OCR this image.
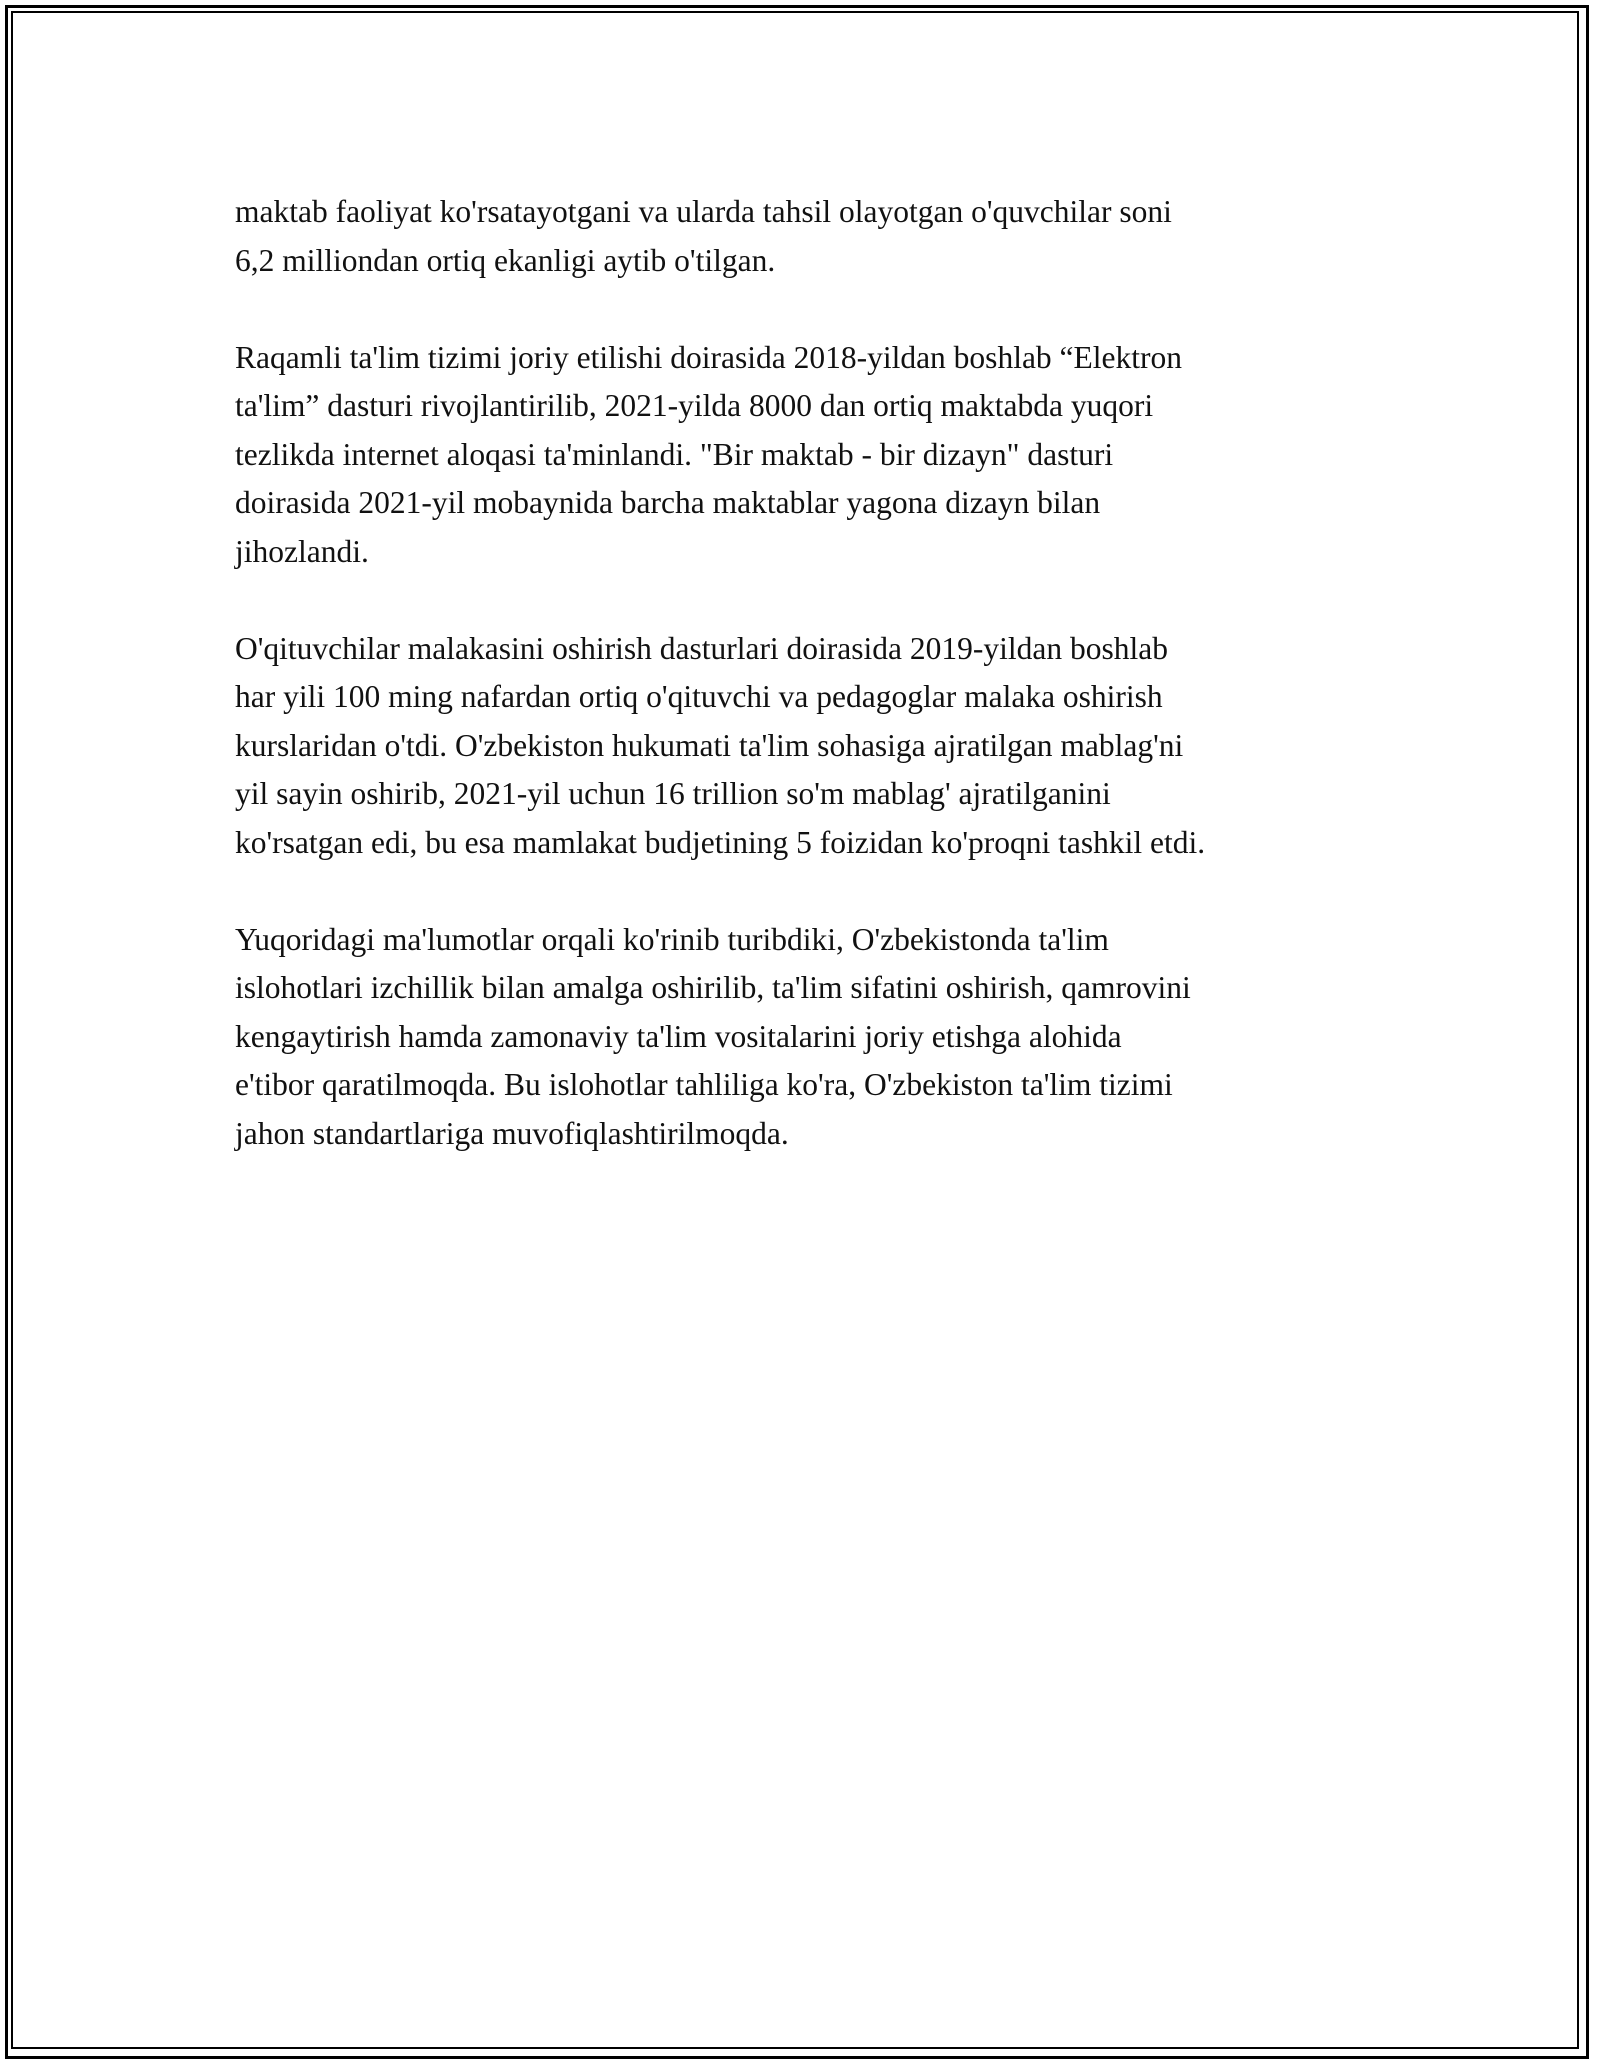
maktab faoliyat ko'rsatayotgani va ularda tahsil olayotgan o'quvchilar soni
6,2 milliondan ortiq ekanligi aytib o'tilgan.

Raqamli ta'lim tizimi joriy etilishi doirasida 2018-yildan boshlab “Elektron
ta'lim” dasturi rivojlantirilib, 2021-yilda 8000 dan ortiq maktabda yuqori
tezlikda internet aloqasi ta'minlandi. "Bir maktab - bir dizayn" dasturi
doirasida 2021-yil mobaynida barcha maktablar yagona dizayn bilan
jihozlandi.

O'qituvchilar malakasini oshirish dasturlari doirasida 2019-yildan boshlab
har yili 100 ming nafardan ortiq o'qituvchi va pedagoglar malaka oshirish
kurslaridan o'tdi. O'zbekiston hukumati ta'lim sohasiga ajratilgan mablag'ni
yil sayin oshirib, 2021-yil uchun 16 trillion so'm mablag' ajratilganini
ko'rsatgan edi, bu esa mamlakat budjetining 5 foizidan ko'proqni tashkil etdi.

Yuqoridagi ma'lumotlar orqali ko'rinib turibdiki, O'zbekistonda ta'lim
islohotlari izchillik bilan amalga oshirilib, ta'lim sifatini oshirish, qamrovini
kengaytirish hamda zamonaviy ta'lim vositalarini joriy etishga alohida
e'tibor qaratilmoqda. Bu islohotlar tahliliga ko'ra, O'zbekiston ta'lim tizimi
jahon standartlariga muvofiqlashtirilmoqda.
